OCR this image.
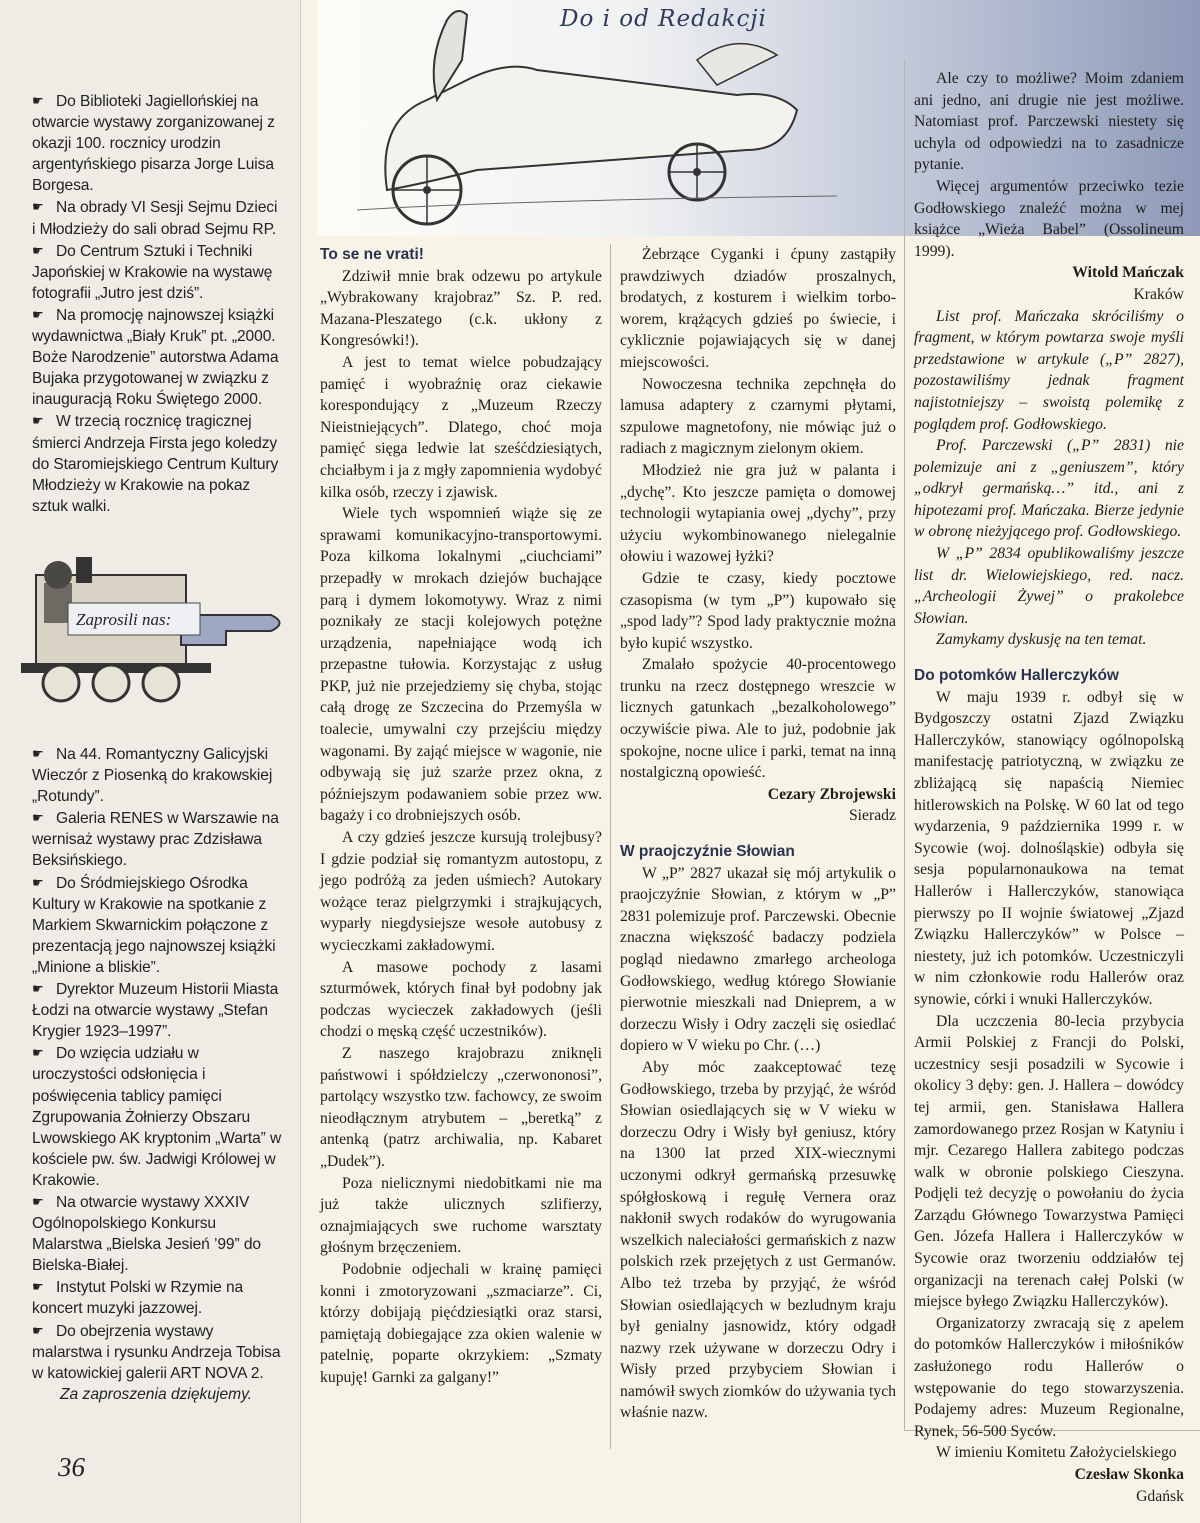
☛ Do Biblioteki Jagiellońskiej na otwarcie wystawy zorganizowanej z okazji 100. rocznicy urodzin argentyńskiego pisarza Jorge Luisa Borgesa.

☛ Na obrady VI Sesji Sejmu Dzieci i Młodzieży do sali obrad Sejmu RP.

☛ Do Centrum Sztuki i Techniki Japońskiej w Krakowie na wystawę fotografii „Jutro jest dziś”.

☛ Na promocję najnowszej książki wydawnictwa „Biały Kruk” pt. „2000. Boże Narodzenie” autorstwa Adama Bujaka przygotowanej w związku z inauguracją Roku Świętego 2000.

☛ W trzecią rocznicę tragicznej śmierci Andrzeja Firsta jego koledzy do Staromiejskiego Centrum Kultury Młodzieży w Krakowie na pokaz sztuk walki.

Zaprosili nas:

☛ Na 44. Romantyczny Galicyjski Wieczór z Piosenką do krakowskiej „Rotundy”.

☛ Galeria RENES w Warszawie na wernisaż wystawy prac Zdzisława Beksińskiego.

☛ Do Śródmiejskiego Ośrodka Kultury w Krakowie na spotkanie z Markiem Skwarnickim połączone z prezentacją jego najnowszej książki „Minione a bliskie”.

☛ Dyrektor Muzeum Historii Miasta Łodzi na otwarcie wystawy „Stefan Krygier 1923–1997”.

☛ Do wzięcia udziału w uroczystości odsłonięcia i poświęcenia tablicy pamięci Zgrupowania Żołnierzy Obszaru Lwowskiego AK kryptonim „Warta” w kościele pw. św. Jadwigi Królowej w Krakowie.

☛ Na otwarcie wystawy XXXIV Ogólnopolskiego Konkursu Malarstwa „Bielska Jesień ’99” do Bielska-Białej.

☛ Instytut Polski w Rzymie na koncert muzyki jazzowej.

☛ Do obejrzenia wystawy malarstwa i rysunku Andrzeja Tobisa w katowickiej galerii ART NOVA 2.

Za zaproszenia dziękujemy.
36
Do i od Redakcji

To se ne vrati!

Zdziwił mnie brak odzewu po artykule „Wybrakowany krajobraz” Sz. P. red. Mazana-Pleszatego (c.k. ukłony z Kongresówki!).

A jest to temat wielce pobudzający pamięć i wyobraźnię oraz ciekawie korespondujący z „Muzeum Rzeczy Nieistniejących”. Dlatego, choć moja pamięć sięga ledwie lat sześćdziesiątych, chciałbym i ja z mgły zapomnienia wydobyć kilka osób, rzeczy i zjawisk.

Wiele tych wspomnień wiąże się ze sprawami komunikacyjno-transportowymi. Poza kilkoma lokalnymi „ciuchciami” przepadły w mrokach dziejów buchające parą i dymem lokomotywy. Wraz z nimi poznikały ze stacji kolejowych potężne urządzenia, napełniające wodą ich przepastne tułowia. Korzystając z usług PKP, już nie przejedziemy się chyba, stojąc całą drogę ze Szczecina do Przemyśla w toalecie, umywalni czy przejściu między wagonami. By zająć miejsce w wagonie, nie odbywają się już szarże przez okna, z późniejszym podawaniem sobie przez ww. bagaży i co drobniejszych osób.

A czy gdzieś jeszcze kursują trolejbusy? I gdzie podział się romantyzm autostopu, z jego podróżą za jeden uśmiech? Autokary wożące teraz pielgrzymki i strajkujących, wyparły niegdysiejsze wesołe autobusy z wycieczkami zakładowymi.

A masowe pochody z lasami szturmówek, których finał był podobny jak podczas wycieczek zakładowych (jeśli chodzi o męską część uczestników).

Z naszego krajobrazu zniknęli państwowi i spółdzielczy „czerwononosi”, partolący wszystko tzw. fachowcy, ze swoim nieodłącznym atrybutem – „beretką” z antenką (patrz archiwalia, np. Kabaret „Dudek”).

Poza nielicznymi niedobitkami nie ma już także ulicznych szlifierzy, oznajmiających swe ruchome warsztaty głośnym brzęczeniem.

Podobnie odjechali w krainę pamięci konni i zmotoryzowani „szmaciarze”. Ci, którzy dobijają pięćdziesiątki oraz starsi, pamiętają dobiegające zza okien walenie w patelnię, poparte okrzykiem: „Szmaty kupuję! Garnki za galgany!”

Żebrzące Cyganki i ćpuny zastąpiły prawdziwych dziadów proszalnych, brodatych, z kosturem i wielkim torbo-worem, krążących gdzieś po świecie, i cyklicznie pojawiających się w danej miejscowości.

Nowoczesna technika zepchnęła do lamusa adaptery z czarnymi płytami, szpulowe magnetofony, nie mówiąc już o radiach z magicznym zielonym okiem.

Młodzież nie gra już w palanta i „dychę”. Kto jeszcze pamięta o domowej technologii wytapiania owej „dychy”, przy użyciu wykombinowanego nielegalnie ołowiu i wazowej łyżki?

Gdzie te czasy, kiedy pocztowe czasopisma (w tym „P”) kupowało się „spod lady”? Spod lady praktycznie można było kupić wszystko.

Zmalało spożycie 40-procentowego trunku na rzecz dostępnego wreszcie w licznych gatunkach „bezalkoholowego” oczywiście piwa. Ale to już, podobnie jak spokojne, nocne ulice i parki, temat na inną nostalgiczną opowieść.

Cezary Zbrojewski

Sieradz

W praojczyźnie Słowian

W „P” 2827 ukazał się mój artykulik o praojczyźnie Słowian, z którym w „P” 2831 polemizuje prof. Parczewski. Obecnie znaczna większość badaczy podziela pogląd niedawno zmarłego archeologa Godłowskiego, według którego Słowianie pierwotnie mieszkali nad Dnieprem, a w dorzeczu Wisły i Odry zaczęli się osiedlać dopiero w V wieku po Chr. (…)

Aby móc zaakceptować tezę Godłowskiego, trzeba by przyjąć, że wśród Słowian osiedlających się w V wieku w dorzeczu Odry i Wisły był geniusz, który na 1300 lat przed XIX-wiecznymi uczonymi odkrył germańską przesuwkę spółgłoskową i regułę Vernera oraz nakłonił swych rodaków do wyrugowania wszelkich naleciałości germańskich z nazw polskich rzek przejętych z ust Germanów. Albo też trzeba by przyjąć, że wśród Słowian osiedlających w bezludnym kraju był genialny jasnowidz, który odgadł nazwy rzek używane w dorzeczu Odry i Wisły przed przybyciem Słowian i namówił swych ziomków do używania tych właśnie nazw.

Ale czy to możliwe? Moim zdaniem ani jedno, ani drugie nie jest możliwe. Natomiast prof. Parczewski niestety się uchyla od odpowiedzi na to zasadnicze pytanie.

Więcej argumentów przeciwko tezie Godłowskiego znaleźć można w mej książce „Wieża Babel” (Ossolineum 1999).

Witold Mańczak

Kraków

List prof. Mańczaka skróciliśmy o fragment, w którym powtarza swoje myśli przedstawione w artykule („P” 2827), pozostawiliśmy jednak fragment najistotniejszy – swoistą polemikę z poglądem prof. Godłowskiego.

Prof. Parczewski („P” 2831) nie polemizuje ani z „geniuszem”, który „odkrył germańską…” itd., ani z hipotezami prof. Mańczaka. Bierze jedynie w obronę nieżyjącego prof. Godłowskiego.

W „P” 2834 opublikowaliśmy jeszcze list dr. Wielowiejskiego, red. nacz. „Archeologii Żywej” o prakolebce Słowian.

Zamykamy dyskusję na ten temat.

Do potomków Hallerczyków

W maju 1939 r. odbył się w Bydgoszczy ostatni Zjazd Związku Hallerczyków, stanowiący ogólnopolską manifestację patriotyczną, w związku ze zbliżającą się napaścią Niemiec hitlerowskich na Polskę. W 60 lat od tego wydarzenia, 9 października 1999 r. w Sycowie (woj. dolnośląskie) odbyła się sesja popularnonaukowa na temat Hallerów i Hallerczyków, stanowiąca pierwszy po II wojnie światowej „Zjazd Związku Hallerczyków” w Polsce – niestety, już ich potomków. Uczestniczyli w nim członkowie rodu Hallerów oraz synowie, córki i wnuki Hallerczyków.

Dla uczczenia 80-lecia przybycia Armii Polskiej z Francji do Polski, uczestnicy sesji posadzili w Sycowie i okolicy 3 dęby: gen. J. Hallera – dowódcy tej armii, gen. Stanisława Hallera zamordowanego przez Rosjan w Katyniu i mjr. Cezarego Hallera zabitego podczas walk w obronie polskiego Cieszyna. Podjęli też decyzję o powołaniu do życia Zarządu Głównego Towarzystwa Pamięci Gen. Józefa Hallera i Hallerczyków w Sycowie oraz tworzeniu oddziałów tej organizacji na terenach całej Polski (w miejsce byłego Związku Hallerczyków).

Organizatorzy zwracają się z apelem do potomków Hallerczyków i miłośników zasłużonego rodu Hallerów o wstępowanie do tego stowarzyszenia. Podajemy adres: Muzeum Regionalne, Rynek, 56-500 Syców.

W imieniu Komitetu Założycielskiego

Czesław Skonka

Gdańsk
